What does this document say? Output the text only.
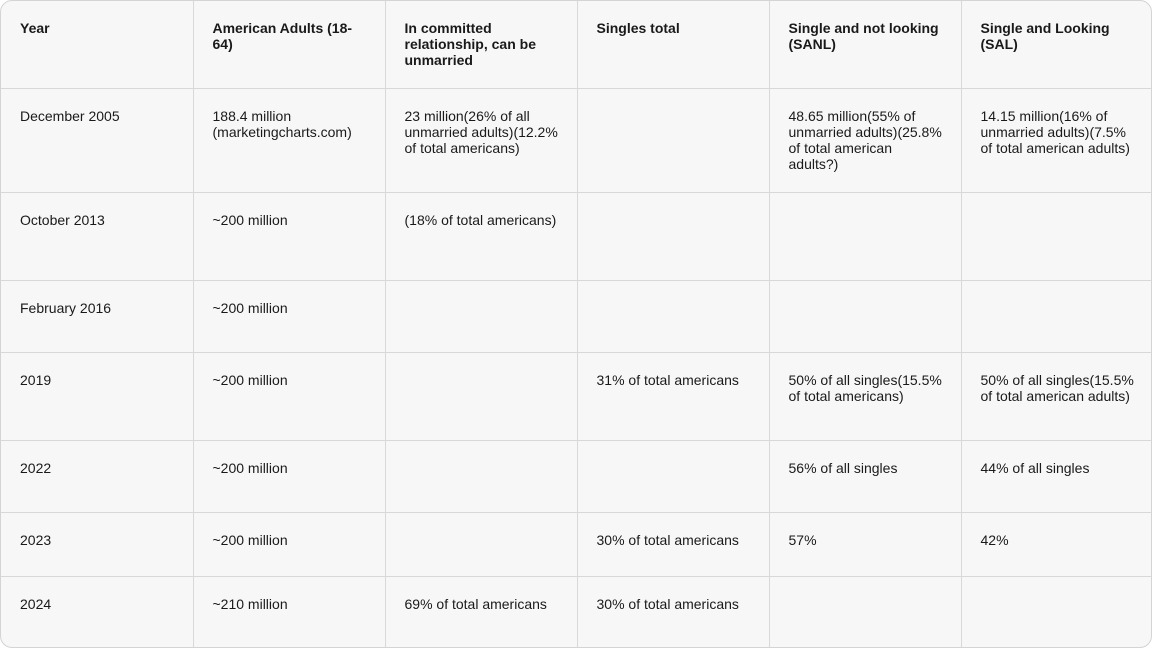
Year	American Adults (18-64)	In committed relationship, can be unmarried	Singles total	Single and not looking (SANL)	Single and Looking (SAL)
December 2005	188.4 million (marketingcharts.com)	23 million(26% of all unmarried adults)(12.2% of total americans)		48.65 million(55% of unmarried adults)(25.8% of total american adults?)	14.15 million(16% of unmarried adults)(7.5% of total american adults)
October 2013	~200 million	(18% of total americans)			
February 2016	~200 million				
2019	~200 million		31% of total americans	50% of all singles(15.5% of total americans)	50% of all singles(15.5% of total american adults)
2022	~200 million			56% of all singles	44% of all singles
2023	~200 million		30% of total americans	57%	42%
2024	~210 million	69% of total americans	30% of total americans		
